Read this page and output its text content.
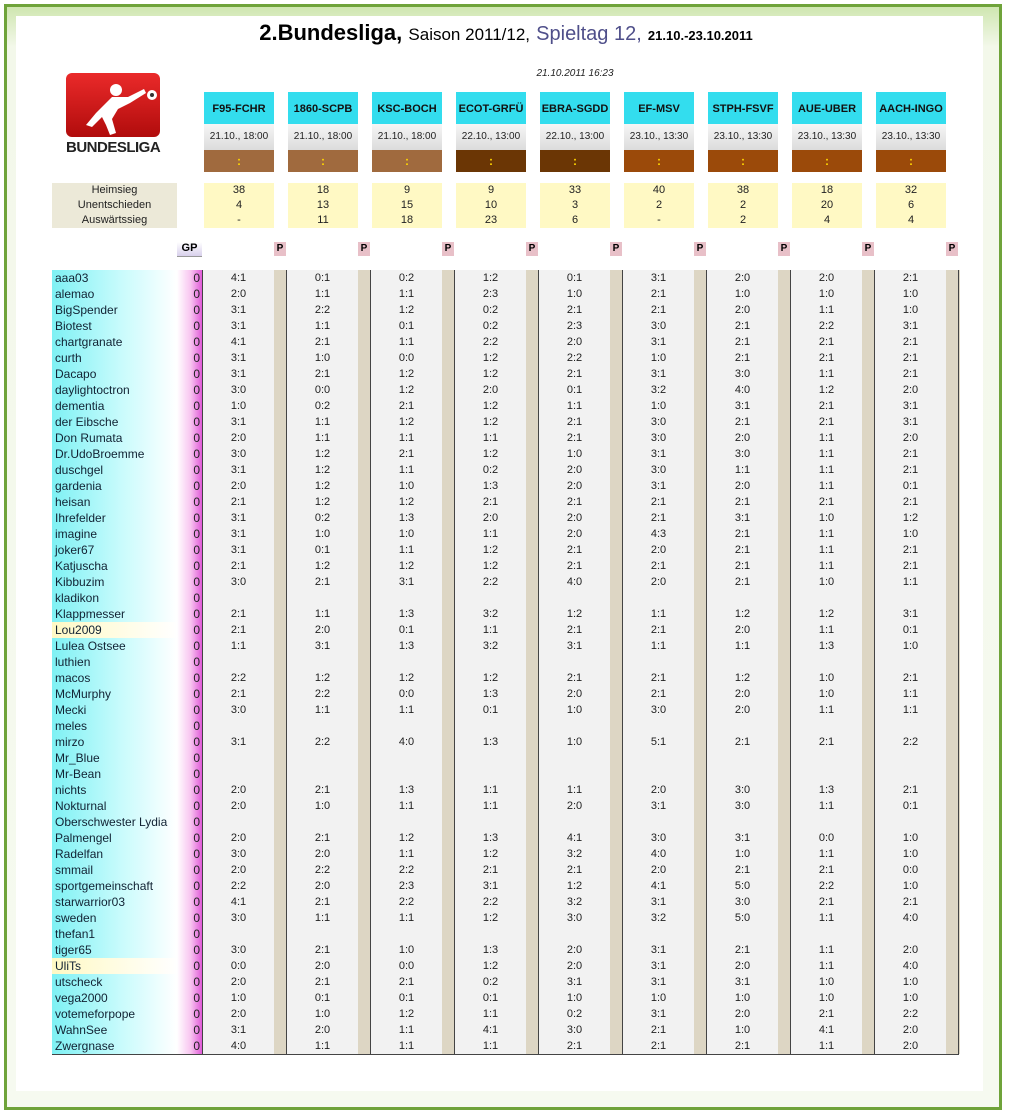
2.Bundesliga, Saison 2011/12, Spieltag 12, 21.10.-23.10.2011
21.10.2011 16:23
BUNDESLIGA
Heimsieg
Unentschieden
Auswärtssieg
GP
aaa03
alemao
BigSpender
Biotest
chartgranate
curth
Dacapo
daylightoctron
dementia
der Eibsche
Don Rumata
Dr.UdoBroemme
duschgel
gardenia
heisan
Ihrefelder
imagine
joker67
Katjuscha
Kibbuzim
kladikon
Klappmesser
Lou2009
Lulea Ostsee
luthien
macos
McMurphy
Mecki
meles
mirzo
Mr_Blue
Mr-Bean
nichts
Nokturnal
Oberschwester Lydia
Palmengel
Radelfan
smmail
sportgemeinschaft
starwarrior03
sweden
thefan1
tiger65
UliTs
utscheck
vega2000
votemeforpope
WahnSee
Zwergnase
0
0
0
0
0
0
0
0
0
0
0
0
0
0
0
0
0
0
0
0
0
0
0
0
0
0
0
0
0
0
0
0
0
0
0
0
0
0
0
0
0
0
0
0
0
0
0
0
0
F95-FCHR
21.10., 18:00
:
38
4
-
P
4:1
2:0
3:1
3:1
4:1
3:1
3:1
3:0
1:0
3:1
2:0
3:0
3:1
2:0
2:1
3:1
3:1
3:1
2:1
3:0
2:1
2:1
1:1
2:2
2:1
3:0
3:1
2:0
2:0
2:0
3:0
2:0
2:2
4:1
3:0
3:0
0:0
2:0
1:0
2:0
3:1
4:0
1860-SCPB
21.10., 18:00
:
18
13
11
P
0:1
1:1
2:2
1:1
2:1
1:0
2:1
0:0
0:2
1:1
1:1
1:2
1:2
1:2
1:2
0:2
1:0
0:1
1:2
2:1
1:1
2:0
3:1
1:2
2:2
1:1
2:2
2:1
1:0
2:1
2:0
2:2
2:0
2:1
1:1
2:1
2:0
2:1
0:1
1:0
2:0
1:1
KSC-BOCH
21.10., 18:00
:
9
15
18
P
0:2
1:1
1:2
0:1
1:1
0:0
1:2
1:2
2:1
1:2
1:1
2:1
1:1
1:0
1:2
1:3
1:0
1:1
1:2
3:1
1:3
0:1
1:3
1:2
0:0
1:1
4:0
1:3
1:1
1:2
1:1
2:2
2:3
2:2
1:1
1:0
0:0
2:1
0:1
1:2
1:1
1:1
ECOT-GRFÜ
22.10., 13:00
:
9
10
23
P
1:2
2:3
0:2
0:2
2:2
1:2
1:2
2:0
1:2
1:2
1:1
1:2
0:2
1:3
2:1
2:0
1:1
1:2
1:2
2:2
3:2
1:1
3:2
1:2
1:3
0:1
1:3
1:1
1:1
1:3
1:2
2:1
3:1
2:2
1:2
1:3
1:2
0:2
0:1
1:1
4:1
1:1
EBRA-SGDD
22.10., 13:00
:
33
3
6
P
0:1
1:0
2:1
2:3
2:0
2:2
2:1
0:1
1:1
2:1
2:1
1:0
2:0
2:0
2:1
2:0
2:0
2:1
2:1
4:0
1:2
2:1
3:1
2:1
2:0
1:0
1:0
1:1
2:0
4:1
3:2
2:1
1:2
3:2
3:0
2:0
2:0
3:1
1:0
0:2
3:0
2:1
EF-MSV
23.10., 13:30
:
40
2
-
P
3:1
2:1
2:1
3:0
3:1
1:0
3:1
3:2
1:0
3:0
3:0
3:1
3:0
3:1
2:1
2:1
4:3
2:0
2:1
2:0
1:1
2:1
1:1
2:1
2:1
3:0
5:1
2:0
3:1
3:0
4:0
2:0
4:1
3:1
3:2
3:1
3:1
3:1
1:0
3:1
2:1
2:1
STPH-FSVF
23.10., 13:30
:
38
2
2
P
2:0
1:0
2:0
2:1
2:1
2:1
3:0
4:0
3:1
2:1
2:0
3:0
1:1
2:0
2:1
3:1
2:1
2:1
2:1
2:1
1:2
2:0
1:1
1:2
2:0
2:0
2:1
3:0
3:0
3:1
1:0
2:1
5:0
3:0
5:0
2:1
2:0
3:1
1:0
2:0
1:0
2:1
AUE-UBER
23.10., 13:30
:
18
20
4
P
2:0
1:0
1:1
2:2
2:1
2:1
1:1
1:2
2:1
2:1
1:1
1:1
1:1
1:1
2:1
1:0
1:1
1:1
1:1
1:0
1:2
1:1
1:3
1:0
1:0
1:1
2:1
1:3
1:1
0:0
1:1
2:1
2:2
2:1
1:1
1:1
1:1
1:0
1:0
2:1
4:1
1:1
AACH-INGO
23.10., 13:30
:
32
6
4
P
2:1
1:0
1:0
3:1
2:1
2:1
2:1
2:0
3:1
3:1
2:0
2:1
2:1
0:1
2:1
1:2
1:0
2:1
2:1
1:1
3:1
0:1
1:0
2:1
1:1
1:1
2:2
2:1
0:1
1:0
1:0
0:0
1:0
2:1
4:0
2:0
4:0
1:0
1:0
2:2
2:0
2:0
